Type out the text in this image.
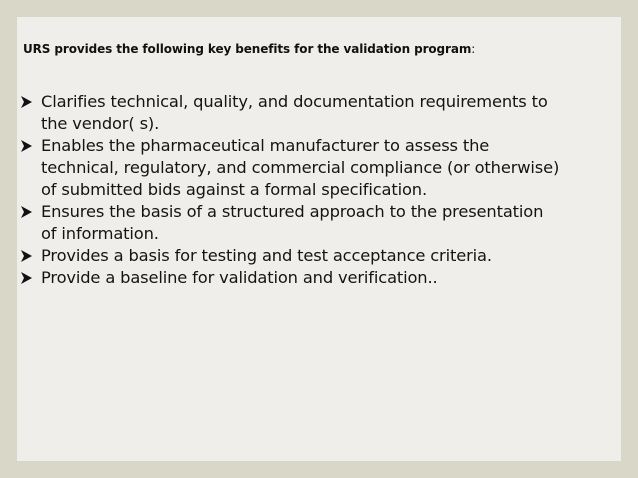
URS provides the following key benefits for the validation program:
Clarifies technical, quality, and documentation requirements to
the vendor( s).
Enables the pharmaceutical manufacturer to assess the
technical, regulatory, and commercial compliance (or otherwise)
of submitted bids against a formal specification.
Ensures the basis of a structured approach to the presentation
of information.
Provides a basis for testing and test acceptance criteria.
Provide a baseline for validation and verification..
